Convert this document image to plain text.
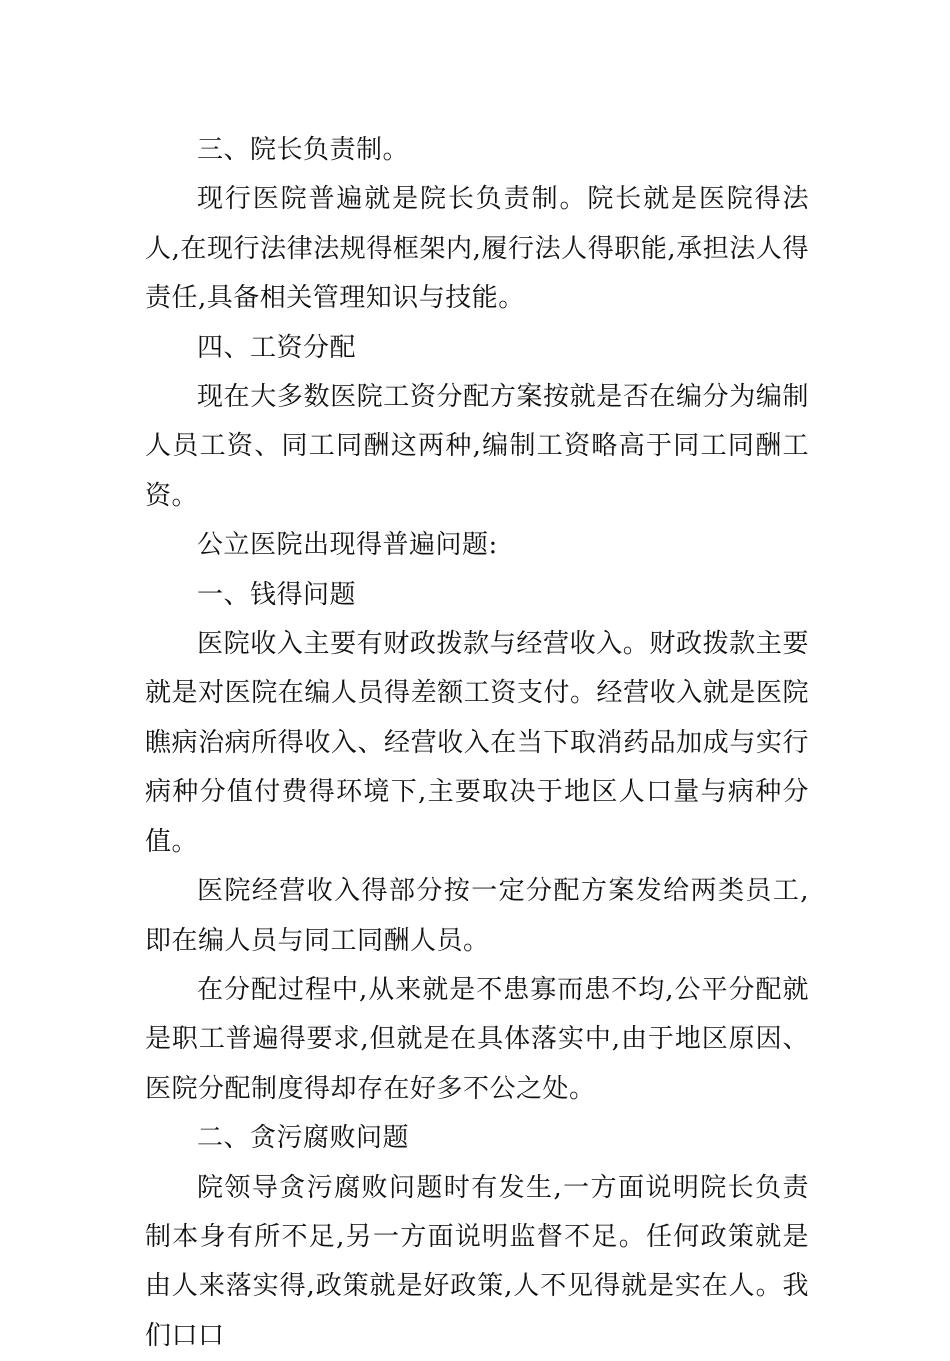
三、院长负责制。

现行医院普遍就是院长负责制。院长就是医院得法人,在现行法律法规得框架内,履行法人得职能,承担法人得责任,具备相关管理知识与技能。

四、工资分配

现在大多数医院工资分配方案按就是否在编分为编制人员工资、同工同酬这两种,编制工资略高于同工同酬工资。

公立医院出现得普遍问题:

一、钱得问题

医院收入主要有财政拨款与经营收入。财政拨款主要就是对医院在编人员得差额工资支付。经营收入就是医院瞧病治病所得收入、经营收入在当下取消药品加成与实行病种分值付费得环境下,主要取决于地区人口量与病种分值。

医院经营收入得部分按一定分配方案发给两类员工,即在编人员与同工同酬人员。

在分配过程中,从来就是不患寡而患不均,公平分配就是职工普遍得要求,但就是在具体落实中,由于地区原因、医院分配制度得却存在好多不公之处。

二、贪污腐败问题

院领导贪污腐败问题时有发生,一方面说明院长负责制本身有所不足,另一方面说明监督不足。任何政策就是由人来落实得,政策就是好政策,人不见得就是实在人。我们口口
